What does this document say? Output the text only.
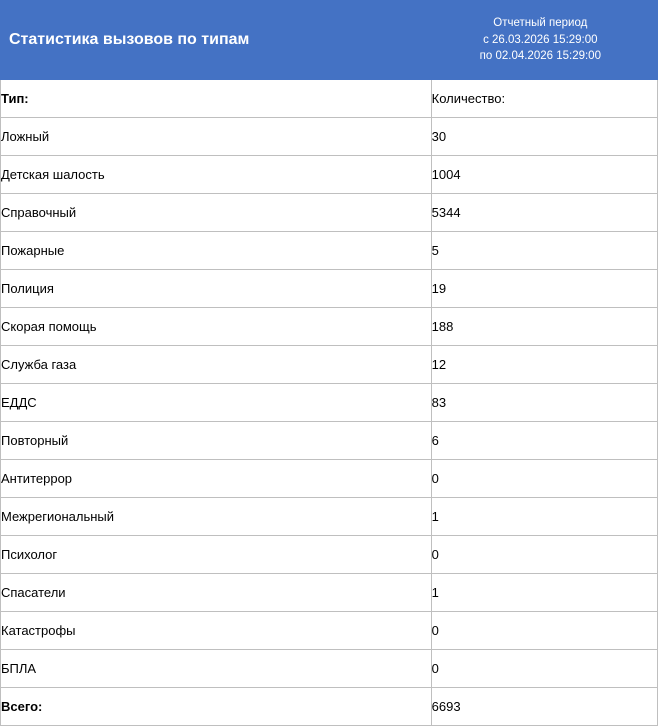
Статистика вызовов по типам	Отчетный период
с 26.03.2026 15:29:00
по 02.04.2026 15:29:00

Тип:	Количество:
Ложный	30
Детская шалость	1004
Справочный	5344
Пожарные	5
Полиция	19
Скорая помощь	188
Служба газа	12
ЕДДС	83
Повторный	6
Антитеррор	0
Межрегиональный	1
Психолог	0
Спасатели	1
Катастрофы	0
БПЛА	0
Всего:	6693
